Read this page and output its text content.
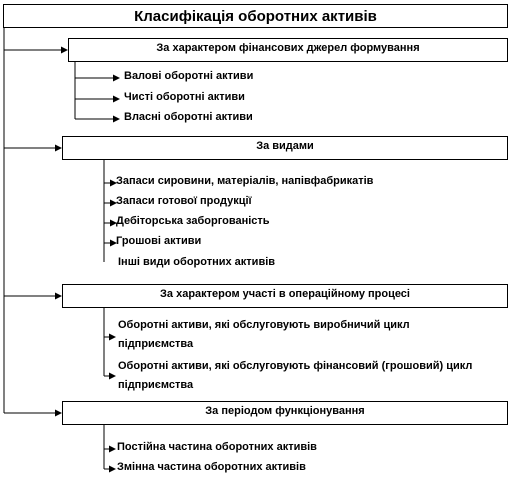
Класифікація оборотних активів
За характером фінансових джерел формування
За видами
За характером участі в операційному процесі
За періодом функціонування
Валові оборотні активи
Чисті оборотні активи
Власні оборотні активи
Запаси сировини, матеріалів, напівфабрикатів
Запаси готової продукції
Дебіторська заборгованість
Грошові активи
Інші види оборотних активів
Оборотні активи, які обслуговують виробничий цикл підприємства
Оборотні активи, які обслуговують фінансовий (грошовий) цикл підприємства
Постійна частина оборотних активів
Змінна частина оборотних активів
